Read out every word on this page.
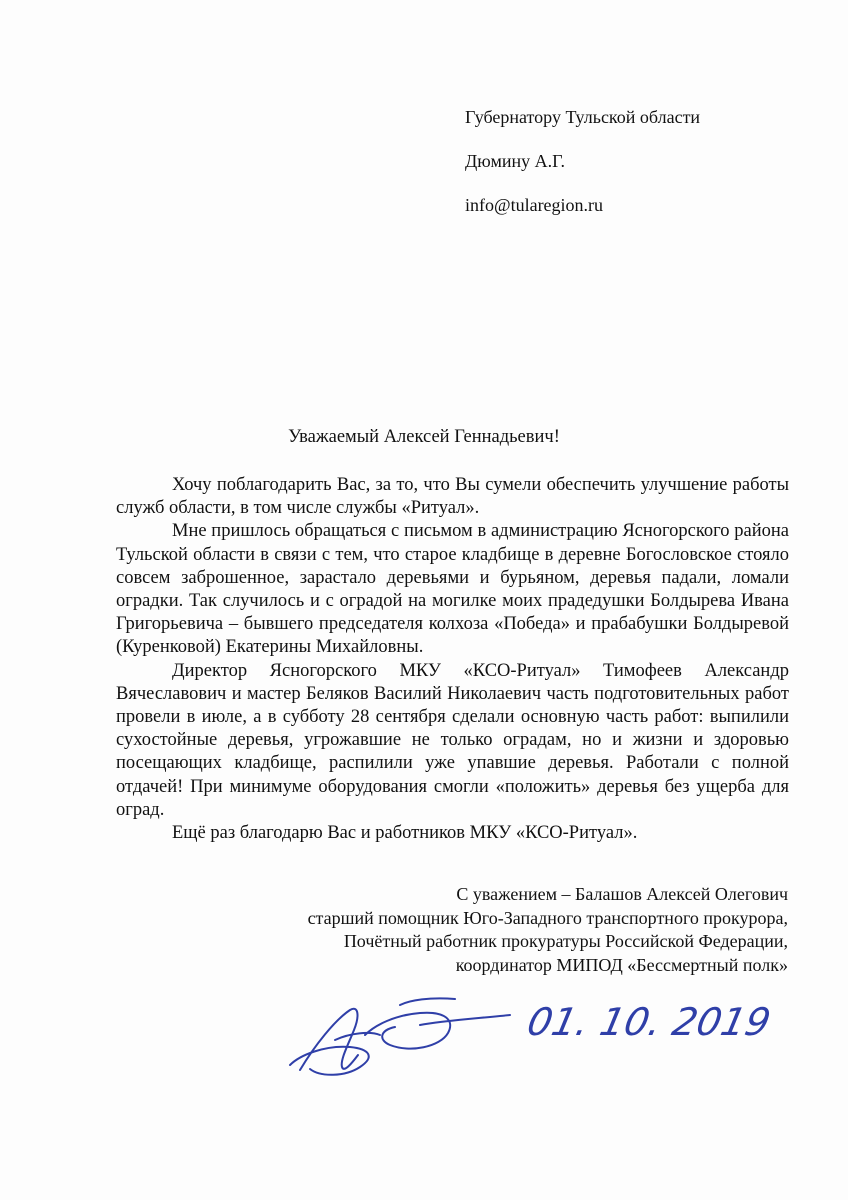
Губернатору Тульской области
Дюмину А.Г.
info@tularegion.ru
Уважаемый Алексей Геннадьевич!

Хочу поблагодарить Вас, за то, что Вы сумели обеспечить улучшение работы служб области, в том числе службы «Ритуал».

Мне пришлось обращаться с письмом в администрацию Ясногорского района Тульской области в связи с тем, что старое кладбище в деревне Богословское стояло совсем заброшенное, зарастало деревьями и бурьяном, деревья падали, ломали оградки. Так случилось и с оградой на могилке моих прадедушки Болдырева Ивана Григорьевича – бывшего председателя колхоза «Победа» и прабабушки Болдыревой (Куренковой) Екатерины Михайловны.

Директор Ясногорского МКУ «КСО-Ритуал» Тимофеев Александр Вячеславович и мастер Беляков Василий Николаевич часть подготовительных работ провели в июле, а в субботу 28 сентября сделали основную часть работ: выпилили сухостойные деревья, угрожавшие не только оградам, но и жизни и здоровью посещающих кладбище, распилили уже упавшие деревья. Работали с полной отдачей! При минимуме оборудования смогли «положить» деревья без ущерба для оград.

Ещё раз благодарю Вас и работников МКУ «КСО-Ритуал».

С уважением – Балашов Алексей Олегович
старший помощник Юго-Западного транспортного прокурора,
Почётный работник прокуратуры Российской Федерации,
координатор МИПОД «Бессмертный полк»
01. 10. 2019
